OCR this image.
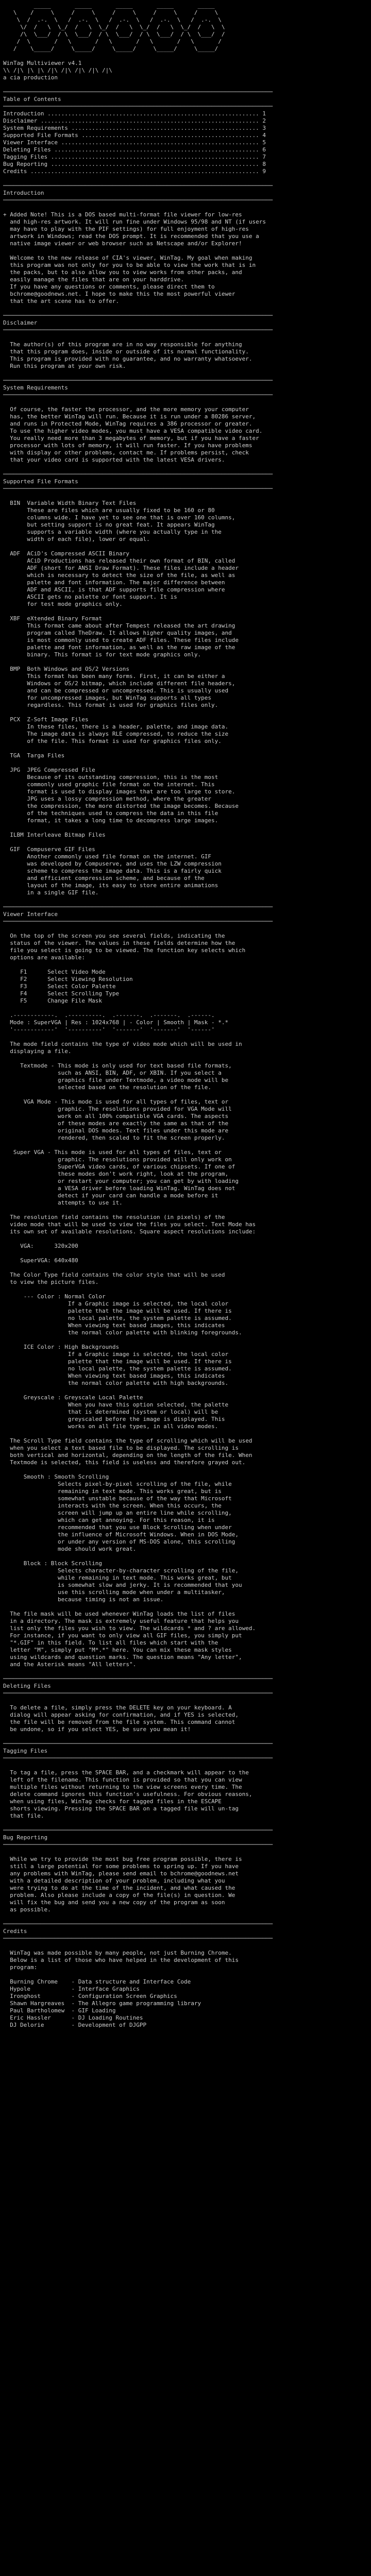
_____       _____       _____       _____       _____
\    /     \     /     \     /     \     /     \     /     \
\  /  .-.  \   /  .-.  \   /  .-.  \   /  .-.  \   /  .-.  \
\/  /   \  \_/  /   \  \_/  /   \  \_/  /   \  \_/  /   \  \
/\  \___/  / \  \___/  / \  \___/  / \  \___/  / \  \___/  /
/  \       /   \       /   \       /   \       /   \       /
/    \_____/     \_____/     \_____/     \_____/     \_____/

WinTag Multiviewer v4.1
\\ /|\ |\ |\ /|\ /|\ /|\ /|\ /|\
a cia production
───────────────────────────────────────────────────────────────────────────────
Table of Contents
───────────────────────────────────────────────────────────────────────────────
Introduction .............................................................. 1
Disclaimer ................................................................ 2
System Requirements ....................................................... 3
Supported File Formats .................................................... 4
Viewer Interface .......................................................... 5
Deleting Files ............................................................ 6
Tagging Files ............................................................. 7
Bug Reporting ............................................................. 8
Credits ................................................................... 9
───────────────────────────────────────────────────────────────────────────────
Introduction
───────────────────────────────────────────────────────────────────────────────
+ Added Note! This is a DOS based multi-format file viewer for low-res
and high-res artwork. It will run fine under Windows 95/98 and NT (if users
may have to play with the PIF settings) for full enjoyment of high-res
artwork in Windows; read the DOS prompt. It is recommended that you use a
native image viewer or web browser such as Netscape and/or Explorer!

Welcome to the new release of CIA's viewer, WinTag. My goal when making
this program was not only for you to be able to view the work that is in
the packs, but to also allow you to view works from other packs, and
easily manage the files that are on your harddrive.
If you have any questions or comments, please direct them to
bchrome@goodnews.net. I hope to make this the most powerful viewer
that the art scene has to offer.
───────────────────────────────────────────────────────────────────────────────
Disclaimer
───────────────────────────────────────────────────────────────────────────────
The author(s) of this program are in no way responsible for anything
that this program does, inside or outside of its normal functionality.
This program is provided with no guarantee, and no warranty whatsoever.
Run this program at your own risk.
───────────────────────────────────────────────────────────────────────────────
System Requirements
───────────────────────────────────────────────────────────────────────────────
Of course, the faster the processor, and the more memory your computer
has, the better WinTag will run. Because it is run under a 80286 server,
and runs in Protected Mode, WinTag requires a 386 processor or greater.
To use the higher video modes, you must have a VESA compatible video card.
You really need more than 3 megabytes of memory, but if you have a faster
processor with lots of memory, it will run faster. If you have problems
with display or other problems, contact me. If problems persist, check
that your video card is supported with the latest VESA drivers.
───────────────────────────────────────────────────────────────────────────────
Supported File Formats
───────────────────────────────────────────────────────────────────────────────
BIN  Variable Width Binary Text Files
These are files which are usually fixed to be 160 or 80
columns wide. I have yet to see one that is over 160 columns,
but setting support is no great feat. It appears WinTag
supports a variable width (where you actually type in the
width of each file), lower or equal.

ADF  ACiD's Compressed ASCII Binary
ACiD Productions has released their own format of BIN, called
ADF (short for ANSI Draw Format). These files include a header
which is necessary to detect the size of the file, as well as
palette and font information. The major difference between
ADF and ASCII, is that ADF supports file compression where
ASCII gets no palette or font support. It is
for test mode graphics only.

XBF  eXtended Binary Format
This format came about after Tempest released the art drawing
program called TheDraw. It allows higher quality images, and
is most commonly used to create ADF files. These files include
palette and font information, as well as the raw image of the
binary. This format is for text mode graphics only.

BMP  Both Windows and OS/2 Versions
This format has been many forms. First, it can be either a
Windows or OS/2 bitmap, which include different file headers,
and can be compressed or uncompressed. This is usually used
for uncompressed images, but WinTag supports all types
regardless. This format is used for graphics files only.

PCX  Z-Soft Image Files
In these files, there is a header, palette, and image data.
The image data is always RLE compressed, to reduce the size
of the file. This format is used for graphics files only.

TGA  Targa Files

JPG  JPEG Compressed File
Because of its outstanding compression, this is the most
commonly used graphic file format on the internet. This
format is used to display images that are too large to store.
JPG uses a lossy compression method, where the greater
the compression, the more distorted the image becomes. Because
of the techniques used to compress the data in this file
format, it takes a long time to decompress large images.

ILBM Interleave Bitmap Files

GIF  Compuserve GIF Files
Another commonly used file format on the internet. GIF
was developed by Compuserve, and uses the LZW compression
scheme to compress the image data. This is a fairly quick
and efficient compression scheme, and because of the
layout of the image, its easy to store entire animations
in a single GIF file.
───────────────────────────────────────────────────────────────────────────────
Viewer Interface
───────────────────────────────────────────────────────────────────────────────
On the top of the screen you see several fields, indicating the
status of the viewer. The values in these fields determine how the
file you select is going to be viewed. The function key selects which
options are available:
F1      Select Video Mode
F2      Select Viewing Resolution
F3      Select Color Palette
F4      Select Scrolling Type
F5      Change File Mask
.------------.  .----------.  .-------.  .-------.  .------.
Mode : SuperVGA | Res : 1024x768 | - Color | Smooth | Mask - *.*
'------------'  '----------'  '-------'  '-------'  '------'
The mode field contains the type of video mode which will be used in
displaying a file.

Textmode - This mode is only used for text based file formats,
such as ANSI, BIN, ADF, or XBIN. If you select a
graphics file under Textmode, a video mode will be
selected based on the resolution of the file.

VGA Mode - This mode is used for all types of files, text or
graphic. The resolutions provided for VGA Mode will
work on all 100% compatible VGA cards. The aspects
of these modes are exactly the same as that of the
original DOS modes. Text files under this mode are
rendered, then scaled to fit the screen properly.

Super VGA - This mode is used for all types of files, text or
graphic. The resolutions provided will only work on
SuperVGA video cards, of various chipsets. If one of
these modes don't work right, look at the program,
or restart your computer; you can get by with loading
a VESA driver before loading WinTag. WinTag does not
detect if your card can handle a mode before it
attempts to use it.

The resolution field contains the resolution (in pixels) of the
video mode that will be used to view the files you select. Text Mode has
its own set of available resolutions. Square aspect resolutions include:

VGA:      320x200

SuperVGA: 640x480

The Color Type field contains the color style that will be used
to view the picture files.

--- Color : Normal Color
If a Graphic image is selected, the local color
palette that the image will be used. If there is
no local palette, the system palette is assumed.
When viewing text based images, this indicates
the normal color palette with blinking foregrounds.

ICE Color : High Backgrounds
If a Graphic image is selected, the local color
palette that the image will be used. If there is
no local palette, the system palette is assumed.
When viewing text based images, this indicates
the normal color palette with high backgrounds.

Greyscale : Greyscale Local Palette
When you have this option selected, the palette
that is determined (system or local) will be
greyscaled before the image is displayed. This
works on all file types, in all video modes.

The Scroll Type field contains the type of scrolling which will be used
when you select a text based file to be displayed. The scrolling is
both vertical and horizontal, depending on the length of the file. When
Textmode is selected, this field is useless and therefore grayed out.

Smooth : Smooth Scrolling
Selects pixel-by-pixel scrolling of the file, while
remaining in text mode. This works great, but is
somewhat unstable because of the way that Microsoft
interacts with the screen. When this occurs, the
screen will jump up an entire line while scrolling,
which can get annoying. For this reason, it is
recommended that you use Block Scrolling when under
the influence of Microsoft Windows. When in DOS Mode,
or under any version of MS-DOS alone, this scrolling
mode should work great.

Block : Block Scrolling
Selects character-by-character scrolling of the file,
while remaining in text mode. This works great, but
is somewhat slow and jerky. It is recommended that you
use this scrolling mode when under a multitasker,
because timing is not an issue.

The file mask will be used whenever WinTag loads the list of files
in a directory. The mask is extremely useful feature that helps you
list only the files you wish to view. The wildcards * and ? are allowed.
For instance, if you want to only view all GIF files, you simply put
"*.GIF" in this field. To list all files which start with the
letter "M", simply put "M*.*" here. You can mix these mask styles
using wildcards and question marks. The question means "Any letter",
and the Asterisk means "All letters".
───────────────────────────────────────────────────────────────────────────────
Deleting Files
───────────────────────────────────────────────────────────────────────────────
To delete a file, simply press the DELETE key on your keyboard. A
dialog will appear asking for confirmation, and if YES is selected,
the file will be removed from the file system. This command cannot
be undone, so if you select YES, be sure you mean it!
───────────────────────────────────────────────────────────────────────────────
Tagging Files
───────────────────────────────────────────────────────────────────────────────
To tag a file, press the SPACE BAR, and a checkmark will appear to the
left of the filename. This function is provided so that you can view
multiple files without returning to the view screens every time. The
delete command ignores this function's usefulness. For obvious reasons,
when using files, WinTag checks for tagged files in the ESCAPE
shorts viewing. Pressing the SPACE BAR on a tagged file will un-tag
that file.
───────────────────────────────────────────────────────────────────────────────
Bug Reporting
───────────────────────────────────────────────────────────────────────────────
While we try to provide the most bug free program possible, there is
still a large potential for some problems to spring up. If you have
any problems with WinTag, please send email to bchrome@goodnews.net
with a detailed description of your problem, including what you
were trying to do at the time of the incident, and what caused the
problem. Also please include a copy of the file(s) in question. We
will fix the bug and send you a new copy of the program as soon
as possible.
───────────────────────────────────────────────────────────────────────────────
Credits
───────────────────────────────────────────────────────────────────────────────
WinTag was made possible by many people, not just Burning Chrome.
Below is a list of those who have helped in the development of this
program:
Burning Chrome    - Data structure and Interface Code
Hypole            - Interface Graphics
Ironghost         - Configuration Screen Graphics
Shawn Hargreaves  - The Allegro game programming library
Paul Bartholomew  - GIF Loading
Eric Hassler      - DJ Loading Routines
DJ Delorie        - Development of DJGPP
